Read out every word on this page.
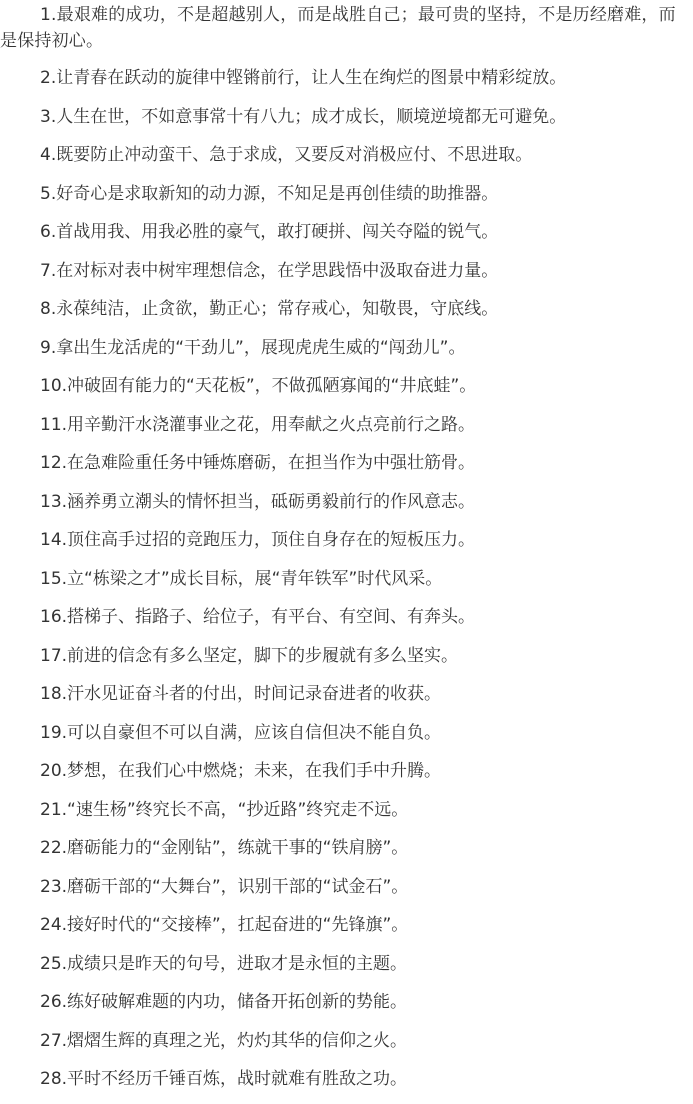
1.最艰难的成功，不是超越别人，而是战胜自己；最可贵的坚持，不是历经磨难，而是保持初心。

2.让青春在跃动的旋律中铿锵前行，让人生在绚烂的图景中精彩绽放。

3.人生在世，不如意事常十有八九；成才成长，顺境逆境都无可避免。

4.既要防止冲动蛮干、急于求成，又要反对消极应付、不思进取。

5.好奇心是求取新知的动力源，不知足是再创佳绩的助推器。

6.首战用我、用我必胜的豪气，敢打硬拼、闯关夺隘的锐气。

7.在对标对表中树牢理想信念，在学思践悟中汲取奋进力量。

8.永葆纯洁，止贪欲，勤正心；常存戒心，知敬畏，守底线。

9.拿出生龙活虎的“干劲儿”，展现虎虎生威的“闯劲儿”。

10.冲破固有能力的“天花板”，不做孤陋寡闻的“井底蛙”。

11.用辛勤汗水浇灌事业之花，用奉献之火点亮前行之路。

12.在急难险重任务中锤炼磨砺，在担当作为中强壮筋骨。

13.涵养勇立潮头的情怀担当，砥砺勇毅前行的作风意志。

14.顶住高手过招的竞跑压力，顶住自身存在的短板压力。

15.立“栋梁之才”成长目标，展“青年铁军”时代风采。

16.搭梯子、指路子、给位子，有平台、有空间、有奔头。

17.前进的信念有多么坚定，脚下的步履就有多么坚实。

18.汗水见证奋斗者的付出，时间记录奋进者的收获。

19.可以自豪但不可以自满，应该自信但决不能自负。

20.梦想，在我们心中燃烧；未来，在我们手中升腾。

21.“速生杨”终究长不高，“抄近路”终究走不远。

22.磨砺能力的“金刚钻”，练就干事的“铁肩膀”。

23.磨砺干部的“大舞台”，识别干部的“试金石”。

24.接好时代的“交接棒”，扛起奋进的“先锋旗”。

25.成绩只是昨天的句号，进取才是永恒的主题。

26.练好破解难题的内功，储备开拓创新的势能。

27.熠熠生辉的真理之光，灼灼其华的信仰之火。

28.平时不经历千锤百炼，战时就难有胜敌之功。
